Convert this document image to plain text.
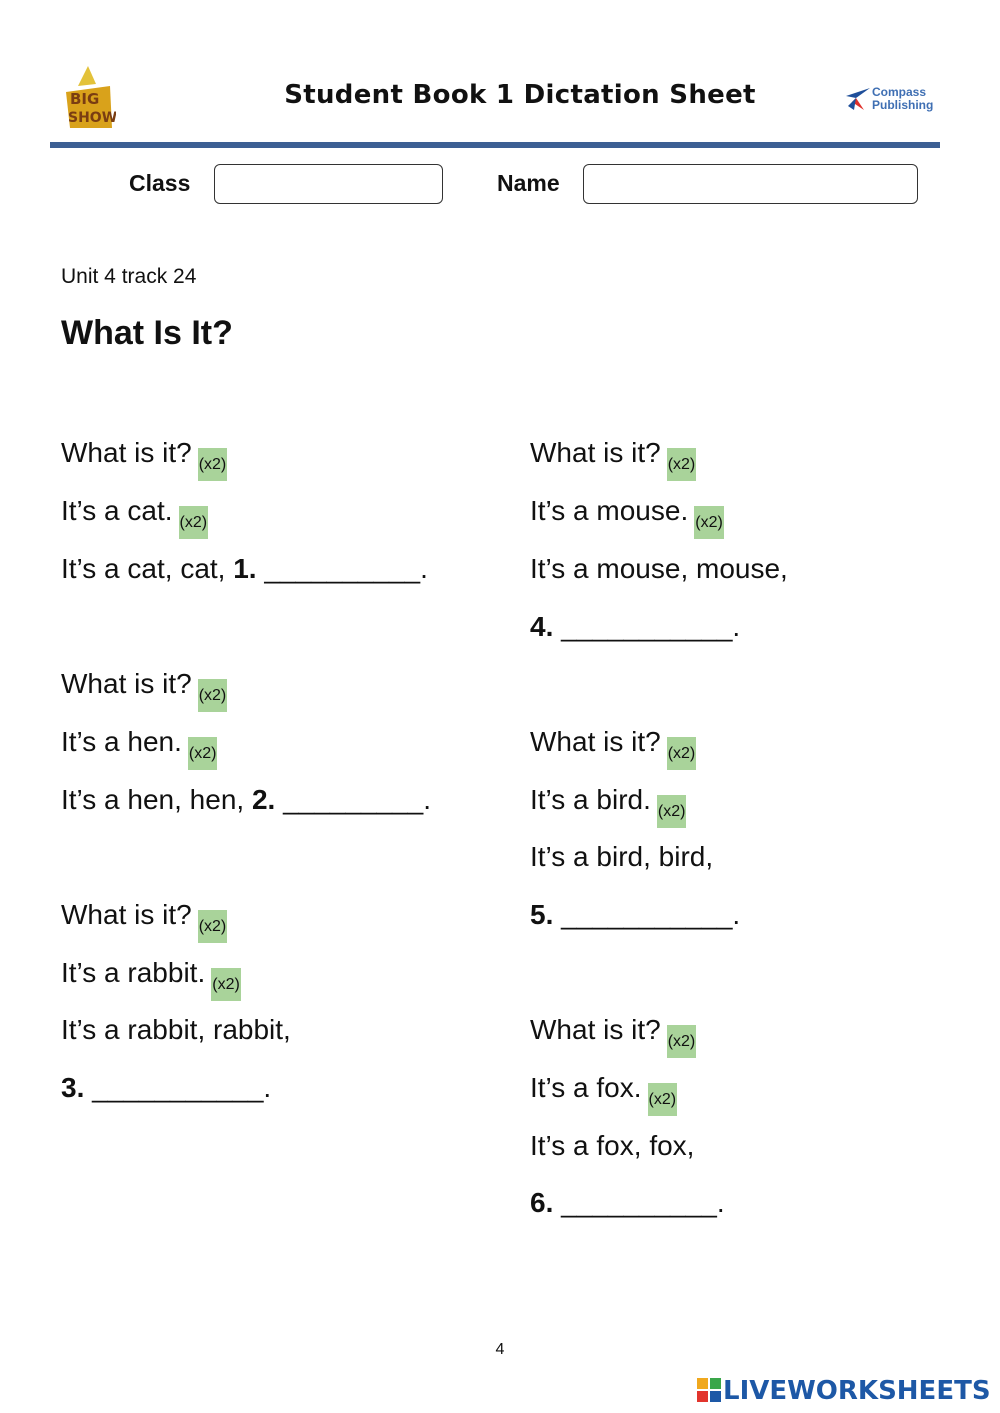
BIG
SHOW
Student Book 1 Dictation Sheet	Compass
Publishing
Class	Name
Unit 4 track 24
What Is It?
What is it? (x2)
It’s a cat. (x2)
It’s a cat, cat, 1. __________.
What is it? (x2)
It’s a hen. (x2)
It’s a hen, hen, 2. _________.
What is it? (x2)
It’s a rabbit. (x2)
It’s a rabbit, rabbit,
3. ___________.
What is it? (x2)
It’s a mouse. (x2)
It’s a mouse, mouse,
4. ___________.
What is it? (x2)
It’s a bird. (x2)
It’s a bird, bird,
5. ___________.
What is it? (x2)
It’s a fox. (x2)
It’s a fox, fox,
6. __________.
4
LIVEWORKSHEETS
